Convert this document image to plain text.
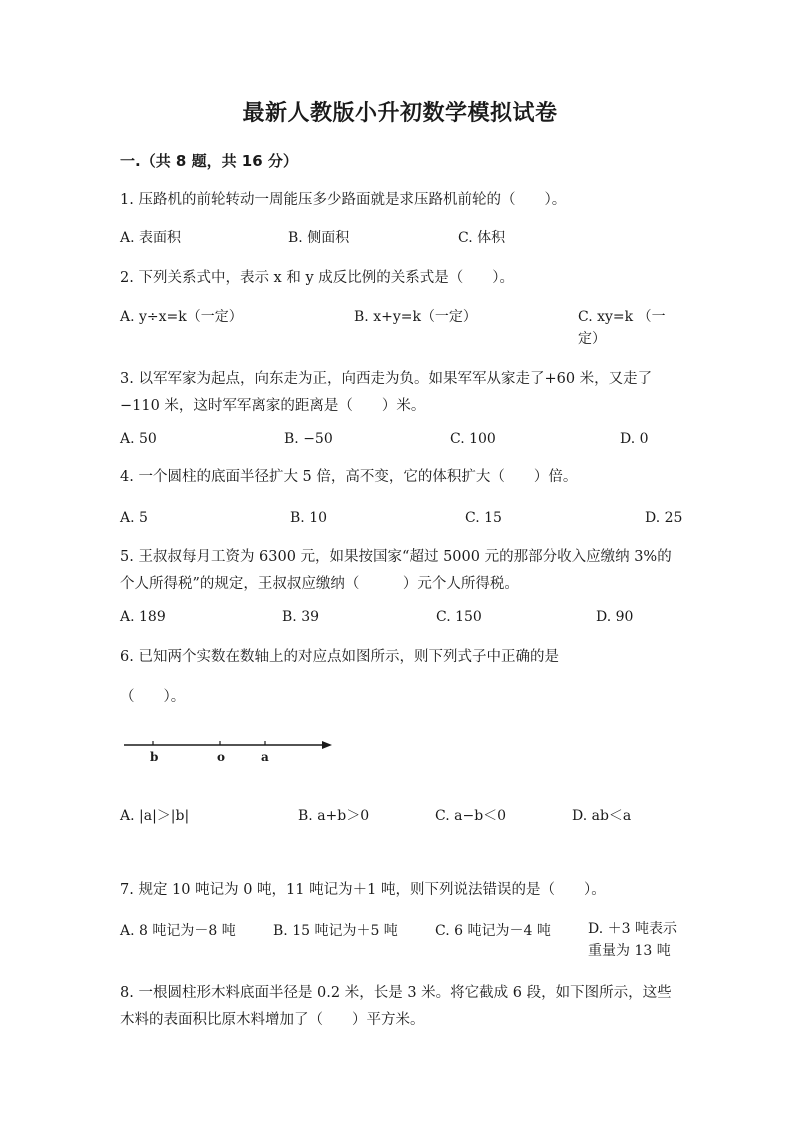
最新人教版小升初数学模拟试卷
一.（共 8 题，共 16 分）
1. 压路机的前轮转动一周能压多少路面就是求压路机前轮的（　　）。
A. 表面积	B. 侧面积	C. 体积
2. 下列关系式中，表示 x 和 y 成反比例的关系式是（　　）。
A. y÷x=k（一定）	B. x+y=k（一定）	C. xy=k （一定）
3. 以军军家为起点，向东走为正，向西走为负。如果军军从家走了+60 米，又走了−110 米，这时军军离家的距离是（　　）米。
A. 50	B. −50	C. 100	D. 0
4. 一个圆柱的底面半径扩大 5 倍，高不变，它的体积扩大（　　）倍。
A. 5	B. 10	C. 15	D. 25
5. 王叔叔每月工资为 6300 元，如果按国家“超过 5000 元的那部分收入应缴纳 3%的个人所得税”的规定，王叔叔应缴纳（　　　）元个人所得税。
A. 189	B. 39	C. 150	D. 90
6. 已知两个实数在数轴上的对应点如图所示，则下列式子中正确的是
（　　）。
b	o	a
A. |a|＞|b|	B. a+b＞0	C. a−b＜0	D. ab＜a
7. 规定 10 吨记为 0 吨，11 吨记为＋1 吨，则下列说法错误的是（　　）。
A. 8 吨记为－8 吨	B. 15 吨记为＋5 吨	C. 6 吨记为－4 吨	D. ＋3 吨表示重量为 13 吨
8. 一根圆柱形木料底面半径是 0.2 米，长是 3 米。将它截成 6 段，如下图所示，这些木料的表面积比原木料增加了（　　）平方米。
